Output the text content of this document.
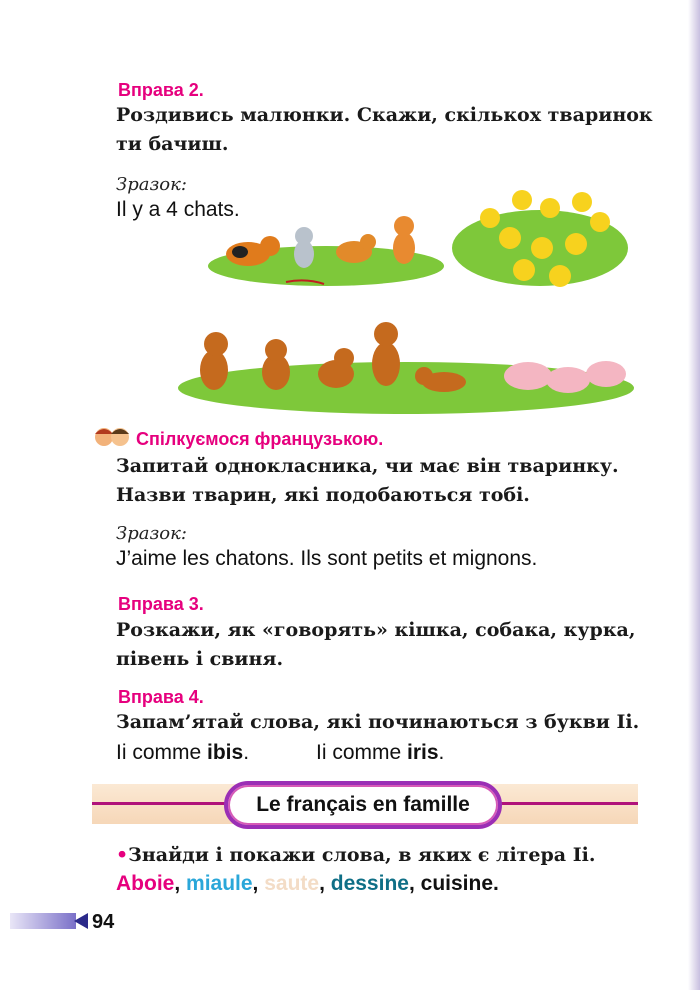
Вправа 2.
Роздивись малюнки. Скажи, скількох тваринок
ти бачиш.
Зразок:
Il y a 4 chats.
Спілкуємося французькою.
Запитай однокласника, чи має він тваринку.
Назви тварин, які подобаються тобі.
Зразок:
J’aime les chatons. Ils sont petits et mignons.
Вправа 3.
Розкажи, як «говорять» кішка, собака, курка,
півень і свиня.
Вправа 4.
Запам’ятай слова, які починаються з букви Ii.
Ii comme ibis.	Ii comme iris.
Le français en famille
•Знайди і покажи слова, в яких є літера Ii.
Aboie, miaule, saute, dessine, cuisine.
94
